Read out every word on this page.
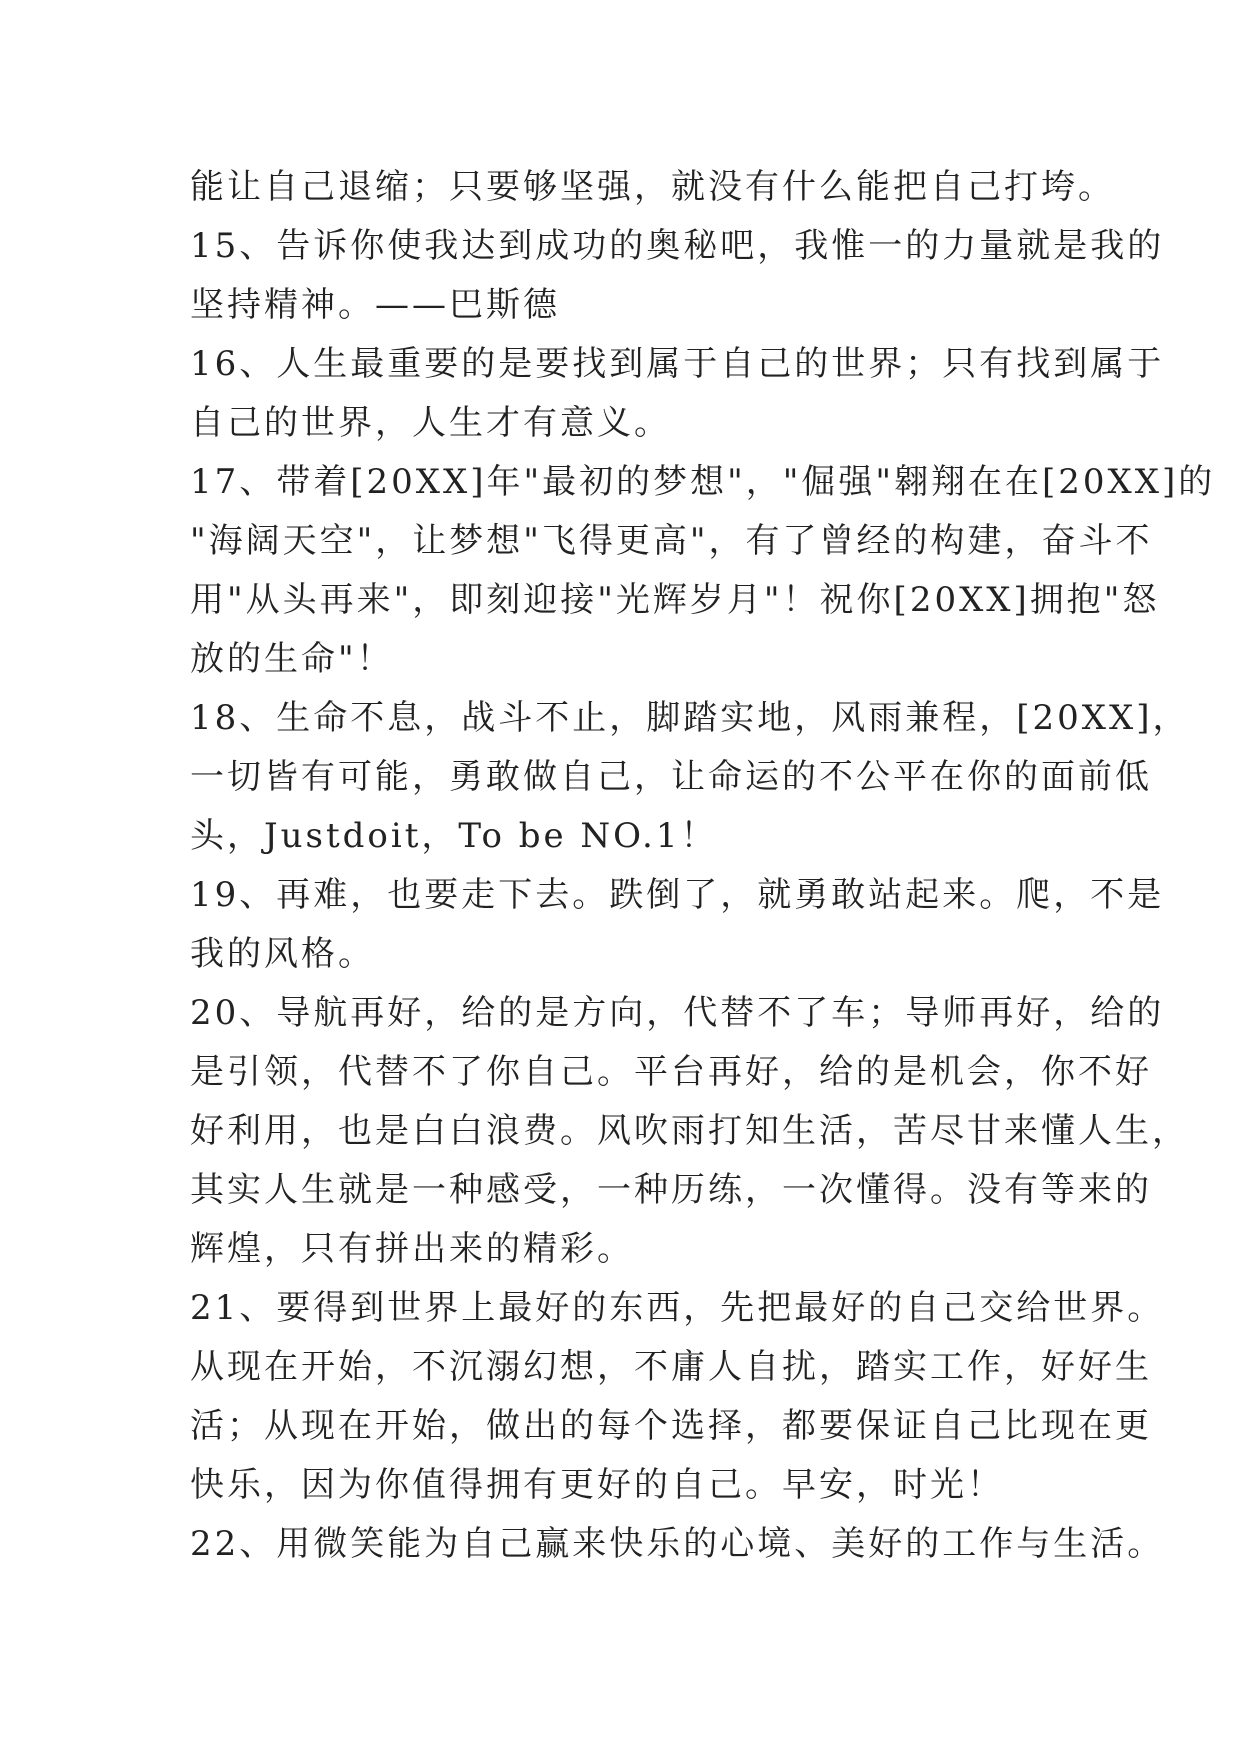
能让自己退缩；只要够坚强，就没有什么能把自己打垮。
15、告诉你使我达到成功的奥秘吧，我惟一的力量就是我的
坚持精神。——巴斯德
16、人生最重要的是要找到属于自己的世界；只有找到属于
自己的世界，人生才有意义。
17、带着[20XX]年"最初的梦想"，"倔强"翱翔在在[20XX]的
"海阔天空"，让梦想"飞得更高"，有了曾经的构建，奋斗不
用"从头再来"，即刻迎接"光辉岁月"！祝你[20XX]拥抱"怒
放的生命"！
18、生命不息，战斗不止，脚踏实地，风雨兼程，[20XX]，
一切皆有可能，勇敢做自己，让命运的不公平在你的面前低
头，Justdoit，To be NO.1！
19、再难，也要走下去。跌倒了，就勇敢站起来。爬，不是
我的风格。
20、导航再好，给的是方向，代替不了车；导师再好，给的
是引领，代替不了你自己。平台再好，给的是机会，你不好
好利用，也是白白浪费。风吹雨打知生活，苦尽甘来懂人生，
其实人生就是一种感受，一种历练，一次懂得。没有等来的
辉煌，只有拼出来的精彩。
21、要得到世界上最好的东西，先把最好的自己交给世界。
从现在开始，不沉溺幻想，不庸人自扰，踏实工作，好好生
活；从现在开始，做出的每个选择，都要保证自己比现在更
快乐，因为你值得拥有更好的自己。早安，时光！
22、用微笑能为自己赢来快乐的心境、美好的工作与生活。
